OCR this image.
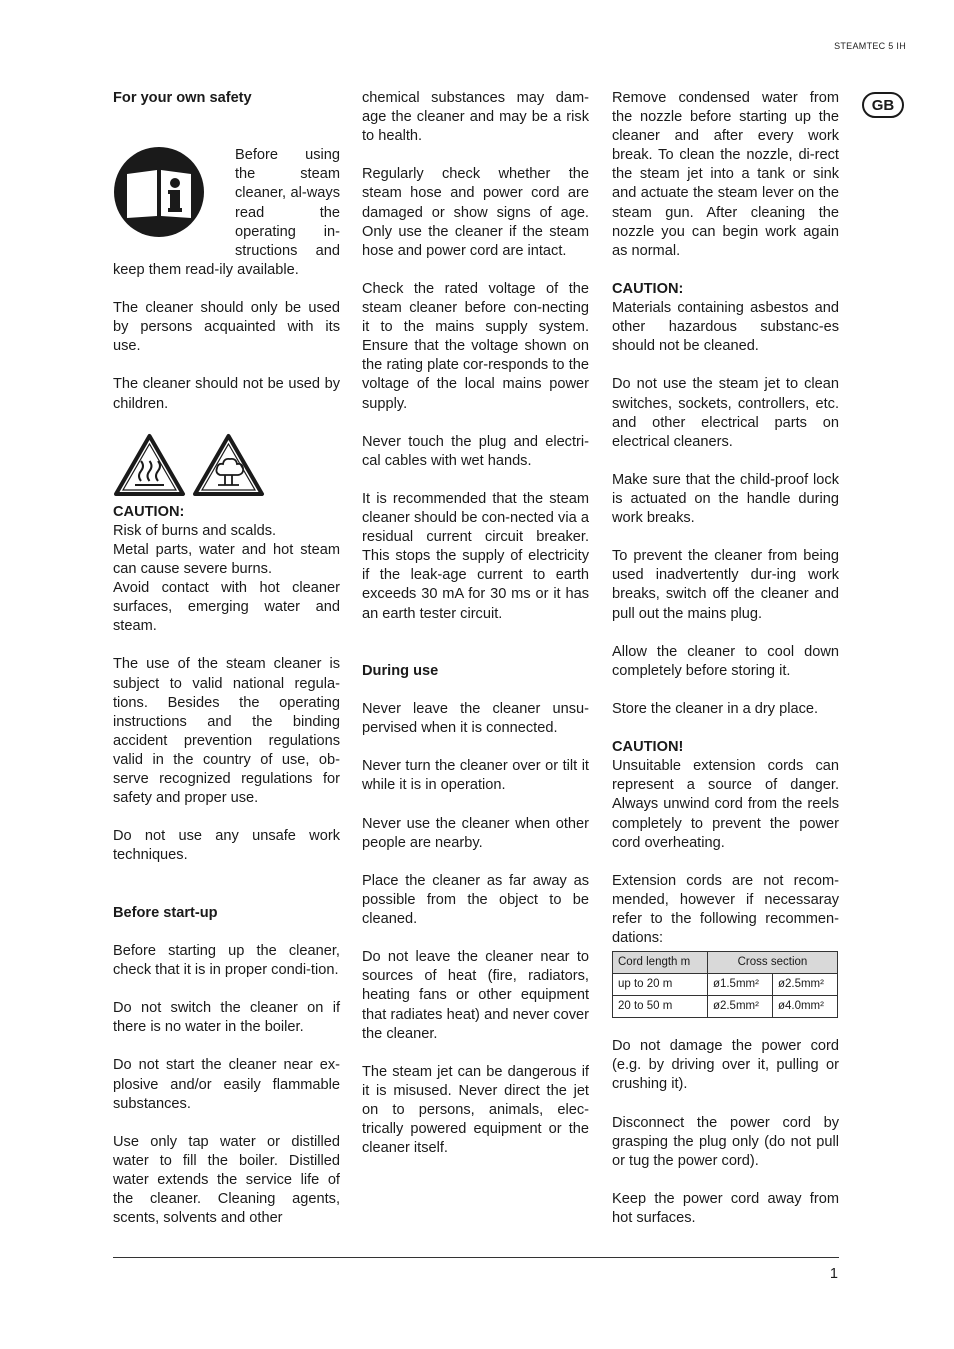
STEAMTEC 5 IH
GB
For your own safety

Before using the steam cleaner, al-ways read the operating in-structions and keep them read-ily available.

The cleaner should only be used by persons acquainted with its use.

The cleaner should not be used by children.

CAUTION:
Risk of burns and scalds.
Metal parts, water and hot steam can cause severe burns.
Avoid contact with hot cleaner surfaces, emerging water and steam.

The use of the steam cleaner is subject to valid national regula-tions. Besides the operating instructions and the binding accident prevention regulations valid in the country of use, ob-serve recognized regulations for safety and proper use.

Do not use any unsafe work techniques.

Before start-up

Before starting up the cleaner, check that it is in proper condi-tion.

Do not switch the cleaner on if there is no water in the boiler.

Do not start the cleaner near ex-plosive and/or easily flammable substances.

Use only tap water or distilled water to fill the boiler. Distilled water extends the service life of the cleaner. Cleaning agents, scents, solvents and other

chemical substances may dam-age the cleaner and may be a risk to health.

Regularly check whether the steam hose and power cord are damaged or show signs of age. Only use the cleaner if the steam hose and power cord are intact.

Check the rated voltage of the steam cleaner before con-necting it to the mains supply system. Ensure that the voltage shown on the rating plate cor-responds to the voltage of the local mains power supply.

Never touch the plug and electri-cal cables with wet hands.

It is recommended that the steam cleaner should be con-nected via a residual current circuit breaker. This stops the supply of electricity if the leak-age current to earth exceeds 30 mA for 30 ms or it has an earth tester circuit.

During use

Never leave the cleaner unsu-pervised when it is connected.

Never turn the cleaner over or tilt it while it is in operation.

Never use the cleaner when other people are nearby.

Place the cleaner as far away as possible from the object to be cleaned.

Do not leave the cleaner near to sources of heat (fire, radiators, heating fans or other equipment that radiates heat) and never cover the cleaner.

The steam jet can be dangerous if it is misused. Never direct the jet on to persons, animals, elec-trically powered equipment or the cleaner itself.

Remove condensed water from the nozzle before starting up the cleaner and after every work break. To clean the nozzle, di-rect the steam jet into a tank or sink and actuate the steam lever on the steam gun. After cleaning the nozzle you can begin work again as normal.

CAUTION:
Materials containing asbestos and other hazardous substanc-es should not be cleaned.

Do not use the steam jet to clean switches, sockets, controllers, etc. and other electrical parts on electrical cleaners.

Make sure that the child-proof lock is actuated on the handle during work breaks.

To prevent the cleaner from being used inadvertently dur-ing work breaks, switch off the cleaner and pull out the mains plug.

Allow the cleaner to cool down completely before storing it.

Store the cleaner in a dry place.

CAUTION!
Unsuitable extension cords can represent a source of danger. Always unwind cord from the reels completely to prevent the power cord overheating.

Extension cords are not recom-mended, however if necessaray refer to the following recommen-dations:

Cord length m	Cross section	
up to 20 m	ø1.5mm²	ø2.5mm²
20 to 50 m	ø2.5mm²	ø4.0mm²

Do not damage the power cord (e.g. by driving over it, pulling or crushing it).

Disconnect the power cord by grasping the plug only (do not pull or tug the power cord).

Keep the power cord away from hot surfaces.

1
